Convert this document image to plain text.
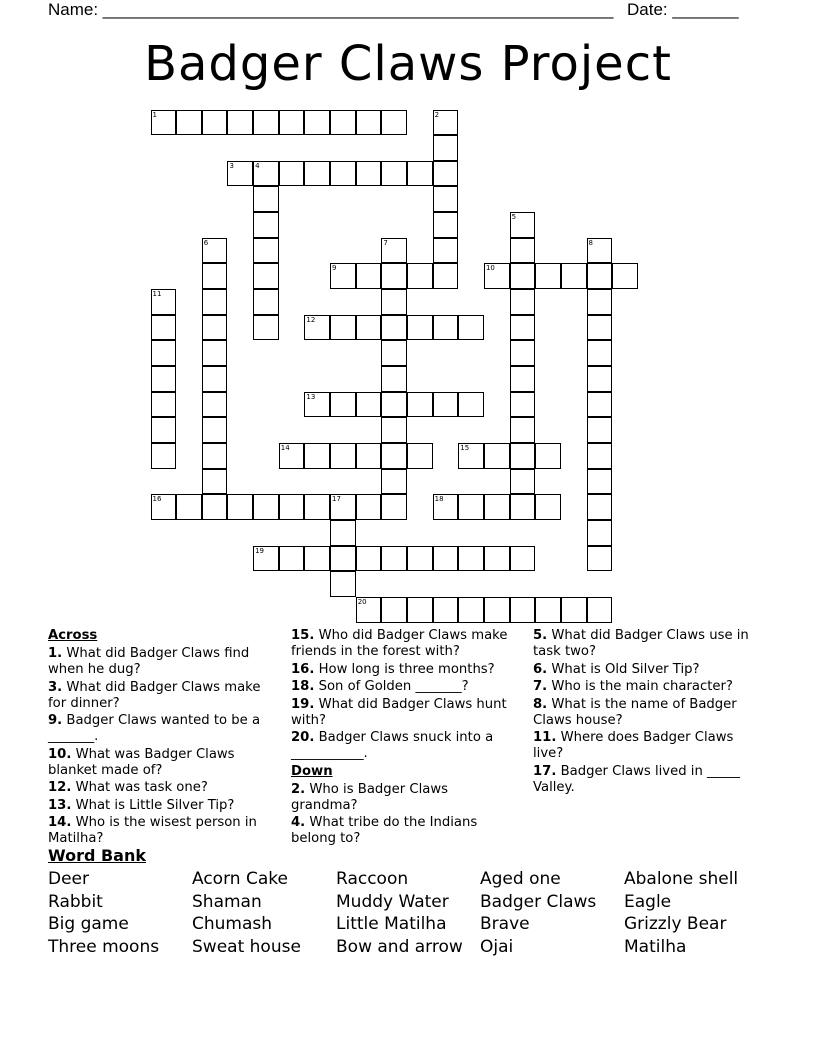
Name: ______________________________________________________ Date: _______
Badger Claws Project
1	2
3	4
5
6	7	8
9	10
11
12
13
14	15
16	17	18
19
20

Across

1. What did Badger Claws find when he dug?

3. What did Badger Claws make for dinner?

9. Badger Claws wanted to be a _______.

10. What was Badger Claws blanket made of?

12. What was task one?

13. What is Little Silver Tip?

14. Who is the wisest person in Matilha?

15. Who did Badger Claws make friends in the forest with?

16. How long is three months?

18. Son of Golden _______?

19. What did Badger Claws hunt with?

20. Badger Claws snuck into a ___________.

Down

2. Who is Badger Claws grandma?

4. What tribe do the Indians belong to?

5. What did Badger Claws use in task two?

6. What is Old Silver Tip?

7. Who is the main character?

8. What is the name of Badger Claws house?

11. Where does Badger Claws live?

17. Badger Claws lived in _____ Valley.

Word Bank
Deer	Acorn Cake	Raccoon	Aged one	Abalone shell
Rabbit	Shaman	Muddy Water	Badger Claws	Eagle
Big game	Chumash	Little Matilha	Brave	Grizzly Bear
Three moons	Sweat house	Bow and arrow	Ojai	Matilha
